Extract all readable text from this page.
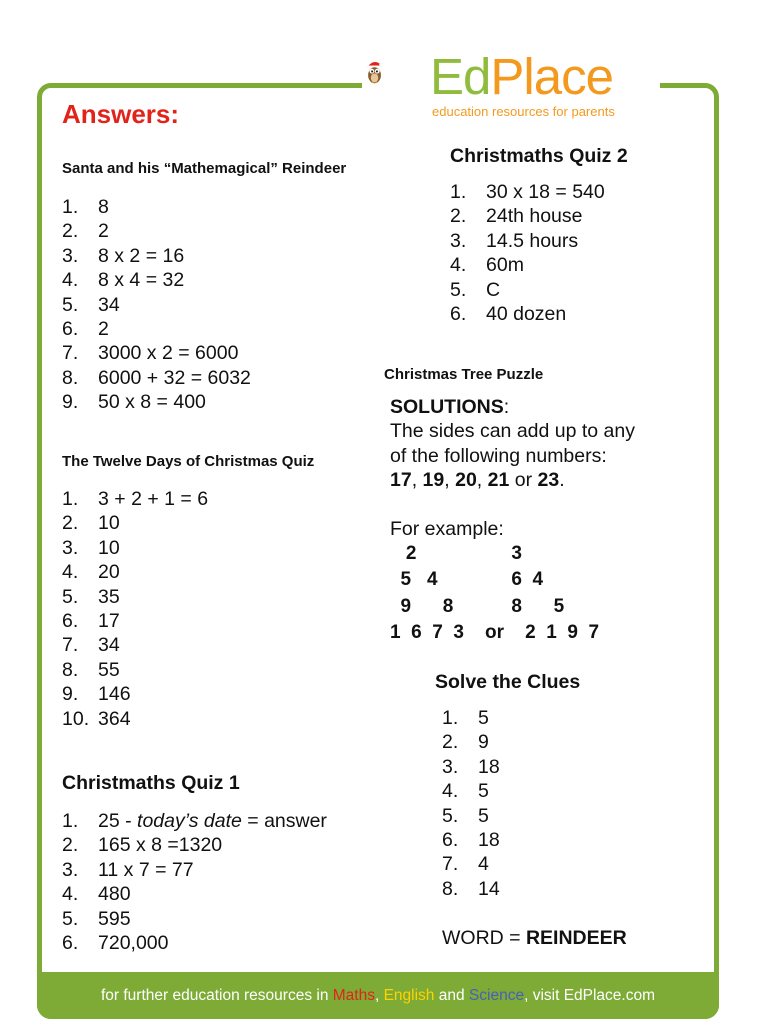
EdPlace
education resources for parents
Answers:
Santa and his “Mathemagical” Reindeer
1.	8
2.	2
3.	8 x 2 = 16
4.	8 x 4 = 32
5.	34
6.	2
7.	3000 x 2 = 6000
8.	6000 + 32 = 6032
9.	50 x 8 = 400
The Twelve Days of Christmas Quiz
1.	3 + 2 + 1 = 6
2.	10
3.	10
4.	20
5.	35
6.	17
7.	34
8.	55
9.	146
10. 364
Christmaths Quiz 1
1.	25 - today’s date = answer
2.	165 x 8 =1320
3.	11 x 7 = 77
4.	480
5.	595
6.	720,000
Christmaths Quiz 2
1.	30 x 18 = 540
2.	24th house
3.	14.5 hours
4.	60m
5.	C
6.	40 dozen
Christmas Tree Puzzle
SOLUTIONS:
The sides can add up to any
of the following numbers:
17, 19, 20, 21 or 23.
For example:
2                  3
5   4              6  4
9      8           8      5
1  6  7  3    or    2  1  9  7
Solve the Clues
1.	5
2.	9
3.	18
4.	5
5.	5
6.	18
7.	4
8.	14
WORD = REINDEER
for further education resources in Maths, English and Science, visit EdPlace.com
